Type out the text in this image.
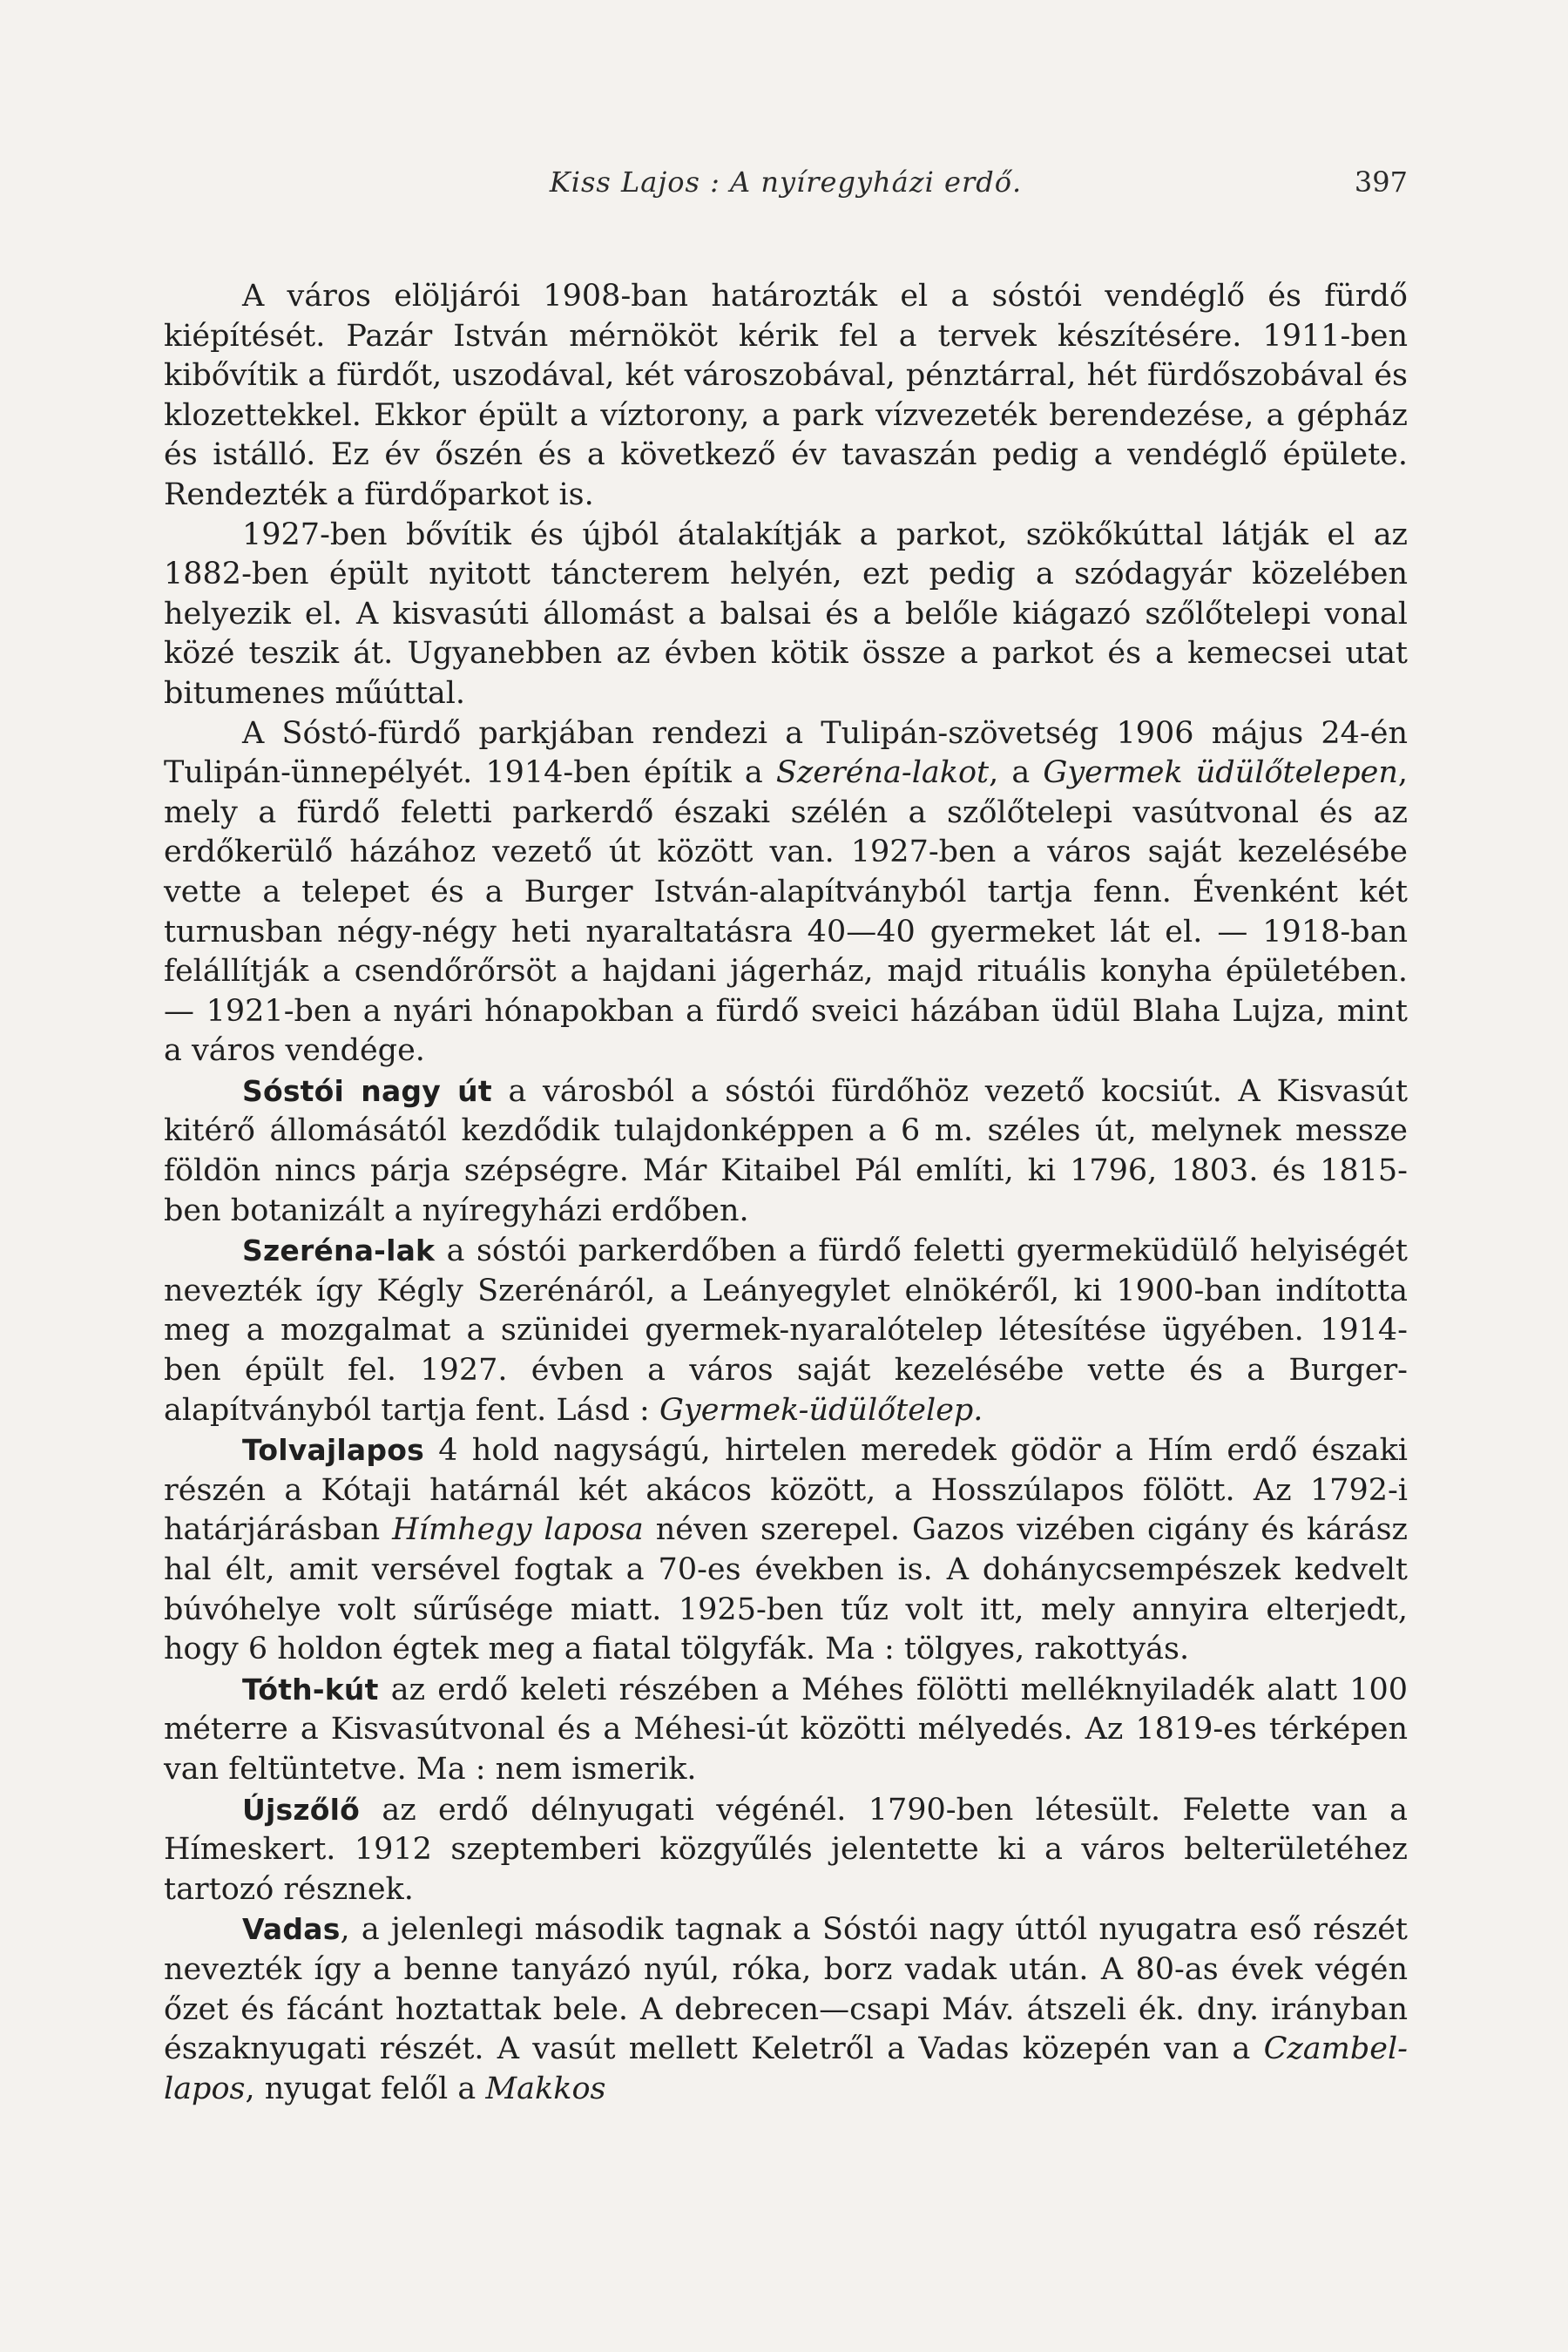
Kiss Lajos : A nyíregyházi erdő.	397

A város elöljárói 1908-ban határozták el a sóstói vendéglő és fürdő kiépítését. Pazár István mérnököt kérik fel a tervek készítésére. 1911-ben kibővítik a fürdőt, uszodával, két városzobával, pénztárral, hét fürdőszobával és klozettekkel. Ekkor épült a víztorony, a park vízvezeték berendezése, a gépház és istálló. Ez év őszén és a következő év tavaszán pedig a vendéglő épülete. Rendezték a fürdőparkot is.

1927-ben bővítik és újból átalakítják a parkot, szökőkúttal látják el az 1882-ben épült nyitott táncterem helyén, ezt pedig a szódagyár közelében helyezik el. A kisvasúti állomást a balsai és a belőle kiágazó szőlőtelepi vonal közé teszik át. Ugyanebben az évben kötik össze a parkot és a kemecsei utat bitumenes műúttal.

A Sóstó-fürdő parkjában rendezi a Tulipán-szövetség 1906 május 24-én Tulipán-ünnepélyét. 1914-ben építik a Szeréna-lakot, a Gyermek üdülőtelepen, mely a fürdő feletti parkerdő északi szélén a szőlőtelepi vasútvonal és az erdőkerülő házához vezető út között van. 1927-ben a város saját kezelésébe vette a telepet és a Burger István-alapítványból tartja fenn. Évenként két turnusban négy-négy heti nyaraltatásra 40—40 gyermeket lát el. — 1918-ban felállítják a csendőrőrsöt a hajdani jágerház, majd rituális konyha épületében. — 1921-ben a nyári hónapokban a fürdő sveici házában üdül Blaha Lujza, mint a város vendége.

Sóstói nagy út a városból a sóstói fürdőhöz vezető kocsiút. A Kisvasút kitérő állomásától kezdődik tulajdonképpen a 6 m. széles út, melynek messze földön nincs párja szépségre. Már Kitaibel Pál említi, ki 1796, 1803. és 1815-ben botanizált a nyíregyházi erdőben.

Szeréna-lak a sóstói parkerdőben a fürdő feletti gyermeküdülő helyiségét nevezték így Kégly Szerénáról, a Leányegylet elnökéről, ki 1900-ban indította meg a mozgalmat a szünidei gyermek-nyaralótelep létesítése ügyében. 1914-ben épült fel. 1927. évben a város saját kezelésébe vette és a Burger-alapítványból tartja fent. Lásd : Gyermek-üdülőtelep.

Tolvajlapos 4 hold nagyságú, hirtelen meredek gödör a Hím erdő északi részén a Kótaji határnál két akácos között, a Hosszúlapos fölött. Az 1792-i határjárásban Hímhegy laposa néven szerepel. Gazos vizében cigány és kárász hal élt, amit versével fogtak a 70-es években is. A dohánycsempészek kedvelt búvóhelye volt sűrűsége miatt. 1925-ben tűz volt itt, mely annyira elterjedt, hogy 6 holdon égtek meg a fiatal tölgyfák. Ma : tölgyes, rakottyás.

Tóth-kút az erdő keleti részében a Méhes fölötti melléknyiladék alatt 100 méterre a Kisvasútvonal és a Méhesi-út közötti mélyedés. Az 1819-es térképen van feltüntetve. Ma : nem ismerik.

Újszőlő az erdő délnyugati végénél. 1790-ben létesült. Felette van a Hímeskert. 1912 szeptemberi közgyűlés jelentette ki a város belterületéhez tartozó résznek.

Vadas, a jelenlegi második tagnak a Sóstói nagy úttól nyugatra eső részét nevezték így a benne tanyázó nyúl, róka, borz vadak után. A 80-as évek végén őzet és fácánt hoztattak bele. A debrecen—csapi Máv. átszeli ék. dny. irányban északnyugati részét. A vasút mellett Keletről a Vadas közepén van a Czambel-lapos, nyugat felől a Makkos
